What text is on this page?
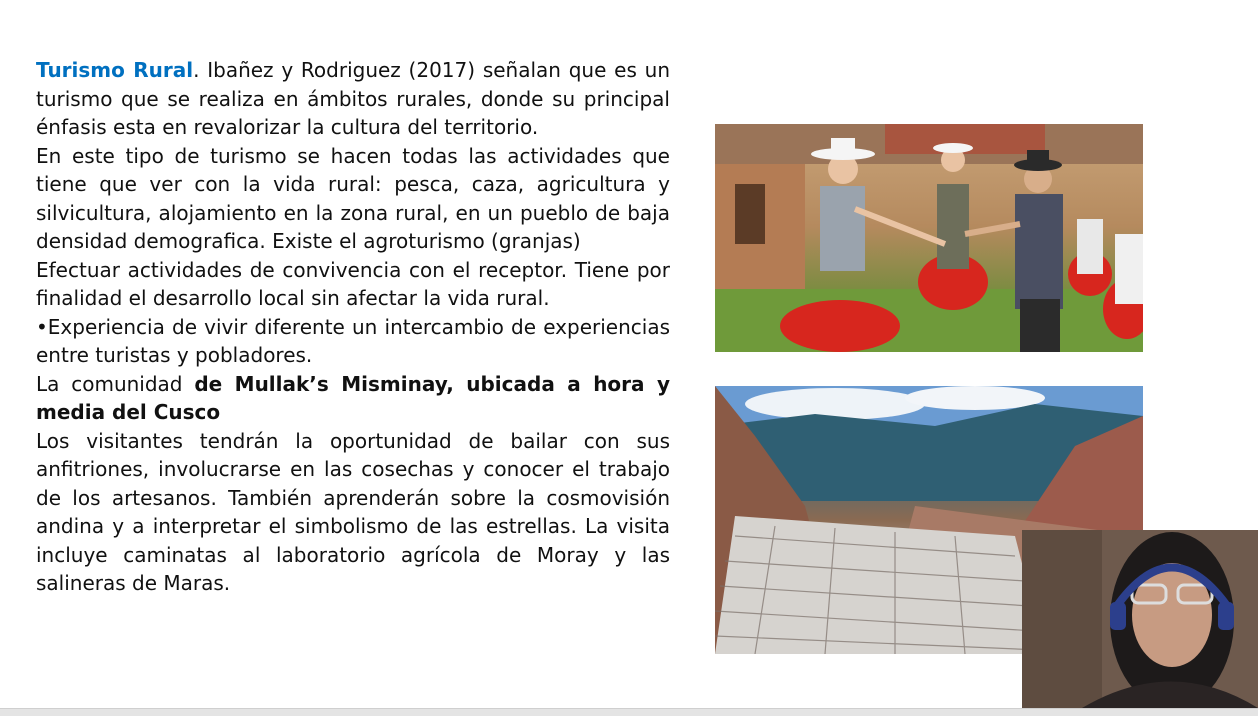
Turismo Rural. Ibañez y Rodriguez (2017) señalan que es un turismo que se realiza en ámbitos rurales, donde su principal énfasis esta en revalorizar la cultura del territorio.

En este tipo de turismo se hacen todas las actividades que tiene que ver con la vida rural: pesca, caza, agricultura y silvicultura, alojamiento en la zona rural, en un pueblo de baja densidad demografica. Existe el agroturismo (granjas)

Efectuar actividades de convivencia con el receptor. Tiene por finalidad el desarrollo local sin afectar la vida rural.

•Experiencia de vivir diferente un intercambio de experiencias entre turistas y pobladores.

La comunidad de Mullak’s Misminay, ubicada a hora y media del Cusco

Los visitantes tendrán la oportunidad de bailar con sus anfitriones, involucrarse en las cosechas y conocer el trabajo de los artesanos. También aprenderán sobre la cosmovisión andina y a interpretar el simbolismo de las estrellas. La visita incluye caminatas al laboratorio agrícola de Moray y las salineras de Maras.
